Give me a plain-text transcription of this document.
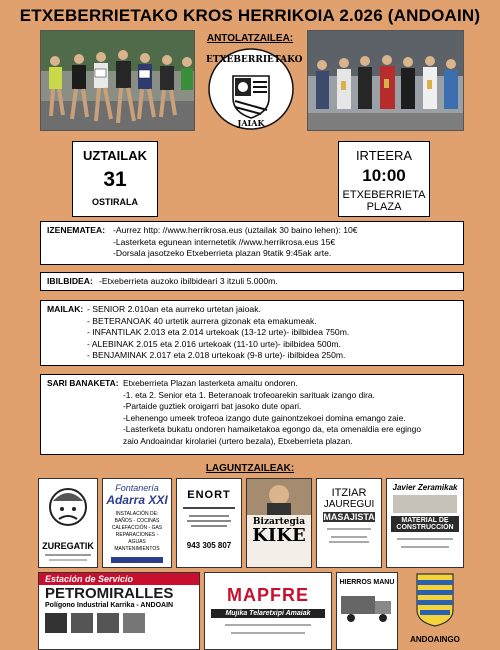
ETXEBERRIETAKO KROS HERRIKOIA 2.026 (ANDOAIN)
ANTOLATZAILEA:
ETXEBERRIETAKO
JAIAK
UZTAILAK
31
OSTIRALA
IRTEERA
10:00
ETXEBERRIETA
PLAZA
IZENEMATEA: -Aurrez http: //www.herrikrosa.eus (uztailak 30 baino lehen): 10€
-Lasterketa egunean internetetik //www.herrikrosa.eus 15€
-Dorsala jasotzeko Etxeberrieta plazan 9tatik 9:45ak arte.
IBILBIDEA: -Etxeberrieta auzoko ibilbidearí 3 itzuli 5.000m.
MAILAK: - SENIOR 2.010an eta aurreko urtetan jaioak.
- BETERANOAK 40 urtetik aurrera gizonak eta emakumeak.
- INFANTILAK 2.013 eta 2.014 urtekoak (13-12 urte)- ibilbidea 750m.
- ALEBINAK 2.015 eta 2.016 urtekoak (11-10 urte)- ibilbidea 500m.
- BENJAMINAK 2.017 eta 2.018 urtekoak (9-8 urte)- ibilbidea 250m.
SARI BANAKETA: Etxeberrieta Plazan lasterketa amaitu ondoren.
-1. eta 2. Senior eta 1. Beteranoak trofeoarekin sarituak izango dira.
-Partaide guztiek oroigarri bat jasoko dute opari.
-Lehenengo umeek trofeoa izango dute gainontzekoei domina emango zaie.
-Lasterketa bukatu ondoren hamaiketakoa egongo da, eta omenaldia ere egingo
zaio Andoaindar kirolariei (urtero bezala), Etxeberrieta plazan.
LAGUNTZAILEAK:
ZUREGATIK
Fontanería
Adarra XXI
INSTALACIÓN DE: BAÑOS - COCINAS CALEFACCIÓN - GAS REPARACIONES - AGUAS MANTENIMIENTOS
ENORT
943 305 807
Bizartegia
KIKE
ITZIAR
JAUREGUI
MASAJISTA
Javier Zeramikak
MATERIAL DE CONSTRUCCIÓN
Estación de Servicio
PETROMIRALLES
Polígono Industrial Karrika - ANDOAIN
MAPFRE
Mujika Telaretxipi Amaiak
HIERROS MANU
ANDOAINGO
